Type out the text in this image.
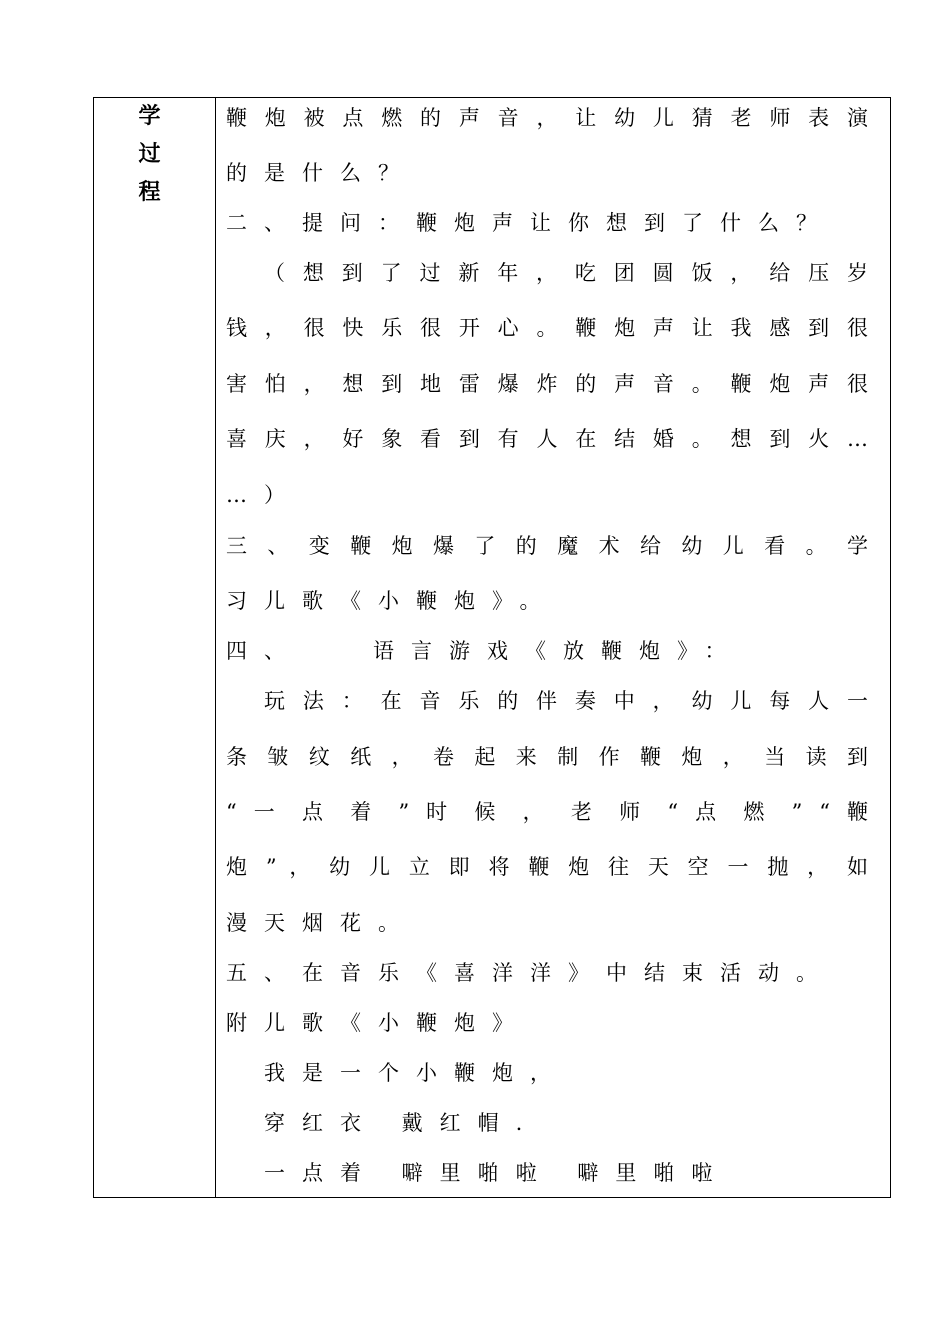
学
过
程
鞭 炮 被 点 燃 的 声 音 ， 让 幼 儿 猜 老 师 表 演
的是什么？
二、提问：鞭炮声让你想到了什么？
（ 想 到 了 过 新 年 ， 吃 团 圆 饭 ， 给 压 岁
钱 ， 很 快 乐 很 开 心 。 鞭 炮 声 让 我 感 到 很
害 怕 ， 想 到 地 雷 爆 炸 的 声 音 。 鞭 炮 声 很
喜 庆 ， 好 象 看 到 有 人 在 结 婚 。 想 到 火 …
…）
三 、 变 鞭 炮 爆 了 的 魔 术 给 幼 儿 看 。 学
习儿歌《小鞭炮》。
四、   语言游戏《放鞭炮》：
玩 法 ： 在 音 乐 的 伴 奏 中 ， 幼 儿 每 人 一
条 皱 纹 纸 ， 卷 起 来 制 作 鞭 炮 ， 当 读 到
“ 一 点 着 ” 时 候 ， 老 师 “ 点 燃 ” “ 鞭
炮 ” ， 幼 儿 立 即 将 鞭 炮 往 天 空 一 抛 ， 如
漫天烟花。
五、在音乐《喜洋洋》中结束活动。
附儿歌《小鞭炮》
我是一个小鞭炮，
穿红衣 戴红帽.
一点着 噼里啪啦 噼里啪啦
